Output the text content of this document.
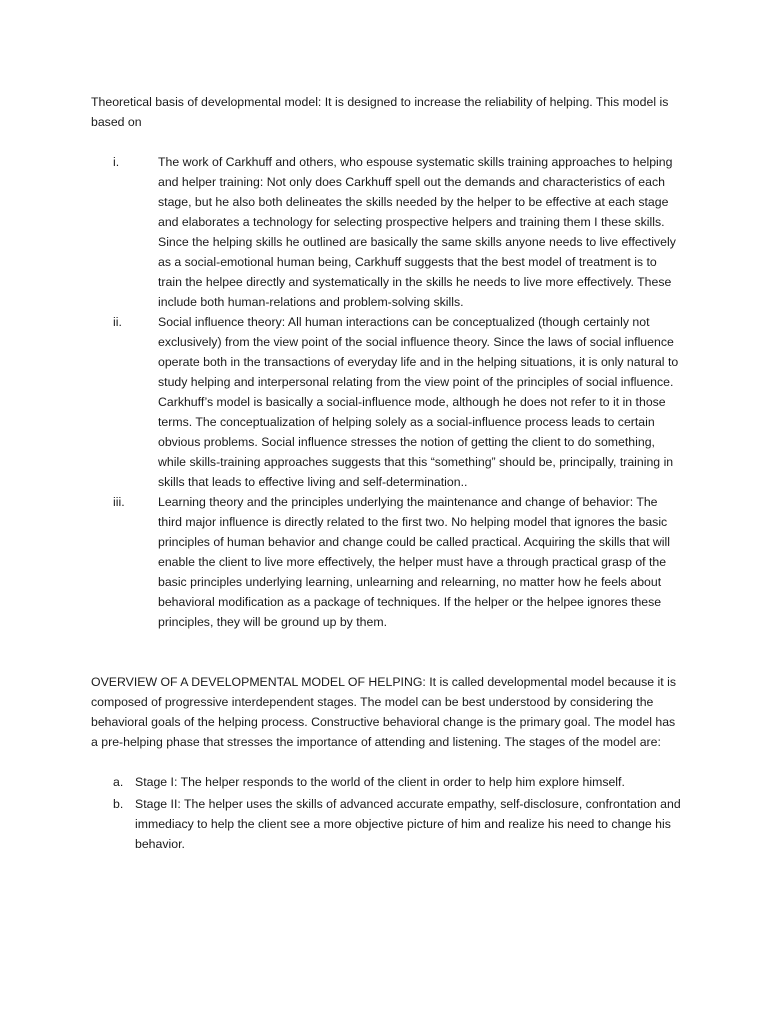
Theoretical basis of developmental model: It is designed to increase the reliability of helping. This model is based on

i.	The work of Carkhuff and others, who espouse systematic skills training approaches to helping and helper training: Not only does Carkhuff spell out the demands and characteristics of each stage, but he also both delineates the skills needed by the helper to be effective at each stage and elaborates a technology for selecting prospective helpers and training them I these skills. Since the helping skills he outlined are basically the same skills anyone needs to live effectively as a social-emotional human being, Carkhuff suggests that the best model of treatment is to train the helpee directly and systematically in the skills he needs to live more effectively. These include both human-relations and problem-solving skills.
ii.	Social influence theory: All human interactions can be conceptualized (though certainly not exclusively) from the view point of the social influence theory. Since the laws of social influence operate both in the transactions of everyday life and in the helping situations, it is only natural to study helping and interpersonal relating from the view point of the principles of social influence. Carkhuff’s model is basically a social-influence mode, although he does not refer to it in those terms. The conceptualization of helping solely as a social-influence process leads to certain obvious problems. Social influence stresses the notion of getting the client to do something, while skills-training approaches suggests that this “something” should be, principally, training in skills that leads to effective living and self-determination..
iii.	Learning theory and the principles underlying the maintenance and change of behavior: The third major influence is directly related to the first two. No helping model that ignores the basic principles of human behavior and change could be called practical. Acquiring the skills that will enable the client to live more effectively, the helper must have a through practical grasp of the basic principles underlying learning, unlearning and relearning, no matter how he feels about behavioral modification as a package of techniques. If the helper or the helpee ignores these principles, they will be ground up by them.

OVERVIEW OF A DEVELOPMENTAL MODEL OF HELPING: It is called developmental model because it is composed of progressive interdependent stages. The model can be best understood by considering the behavioral goals of the helping process. Constructive behavioral change is the primary goal. The model has a pre-helping phase that stresses the importance of attending and listening. The stages of the model are:

a. Stage I: The helper responds to the world of the client in order to help him explore himself.
b. Stage II: The helper uses the skills of advanced accurate empathy, self-disclosure, confrontation and immediacy to help the client see a more objective picture of him and realize his need to change his behavior.
